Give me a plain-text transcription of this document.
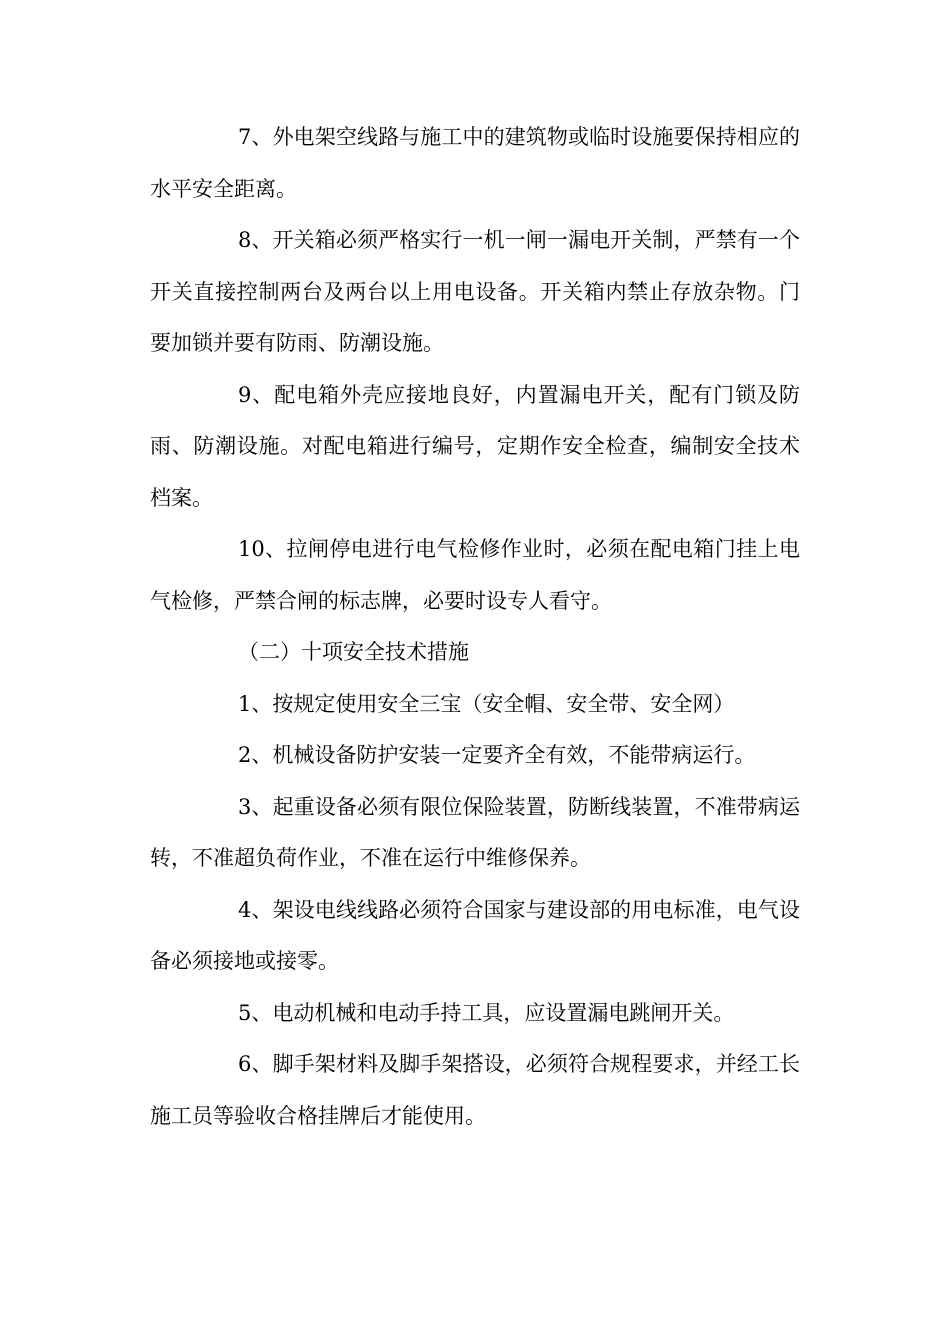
7、外电架空线路与施工中的建筑物或临时设施要保持相应的水平安全距离。

8、开关箱必须严格实行一机一闸一漏电开关制，严禁有一个开关直接控制两台及两台以上用电设备。开关箱内禁止存放杂物。门要加锁并要有防雨、防潮设施。

9、配电箱外壳应接地良好，内置漏电开关，配有门锁及防雨、防潮设施。对配电箱进行编号，定期作安全检查，编制安全技术档案。

10、拉闸停电进行电气检修作业时，必须在配电箱门挂上电气检修，严禁合闸的标志牌，必要时设专人看守。

（二）十项安全技术措施

1、按规定使用安全三宝（安全帽、安全带、安全网）

2、机械设备防护安装一定要齐全有效，不能带病运行。

3、起重设备必须有限位保险装置，防断线装置，不准带病运转，不准超负荷作业，不准在运行中维修保养。

4、架设电线线路必须符合国家与建设部的用电标准，电气设备必须接地或接零。

5、电动机械和电动手持工具，应设置漏电跳闸开关。

6、脚手架材料及脚手架搭设，必须符合规程要求，并经工长施工员等验收合格挂牌后才能使用。
